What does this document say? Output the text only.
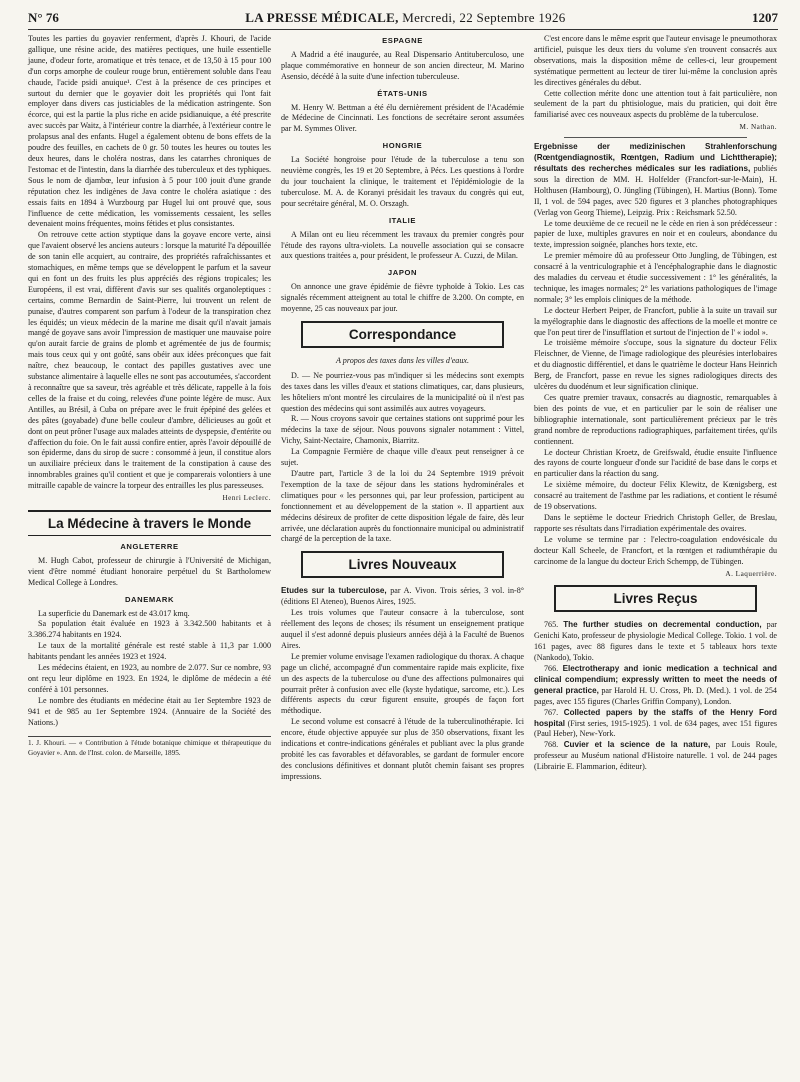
N° 76	LA PRESSE MÉDICALE, Mercredi, 22 Septembre 1926	1207

Toutes les parties du goyavier renferment, d'après J. Khouri, de l'acide gallique, une résine acide, des matières pectiques, une huile essentielle jaune, d'odeur forte, aromatique et très tenace, et de 13,50 à 15 pour 100 d'un corps amorphe de couleur rouge brun, entièrement soluble dans l'eau chaude, l'acide psidi anuique¹. C'est à la présence de ces principes et surtout du dernier que le goyavier doit les propriétés qui l'ont fait employer dans divers cas justiciables de la médication astringente. Son écorce, qui est la partie la plus riche en acide psidianuique, a été prescrite avec succès par Waitz, à l'intérieur contre la diarrhée, à l'extérieur contre le prolapsus anal des enfants. Hugel a également obtenu de bons effets de la poudre des feuilles, en cachets de 0 gr. 50 toutes les heures ou toutes les deux heures, dans le choléra nostras, dans les catarrhes chroniques de l'estomac et de l'intestin, dans la diarrhée des tuberculeux et des typhiques. Sous le nom de djambœ, leur infusion à 5 pour 100 jouit d'une grande réputation chez les indigènes de Java contre le choléra asiatique : des essais faits en 1894 à Wurzbourg par Hugel lui ont prouvé que, sous l'influence de cette médication, les vomissements cessaient, les selles devenaient moins fréquentes, moins fétides et plus consistantes.

On retrouve cette action styptique dans la goyave encore verte, ainsi que l'avaient observé les anciens auteurs : lorsque la maturité l'a dépouillée de son tanin elle acquiert, au contraire, des propriétés rafraîchissantes et stomachiques, en même temps que se développent le parfum et la saveur qui en font un des fruits les plus appréciés des régions tropicales; les Européens, il est vrai, diffèrent d'avis sur ses qualités organoleptiques : certains, comme Bernardin de Saint-Pierre, lui trouvent un relent de punaise, d'autres comparent son parfum à l'odeur de la transpiration chez les équidés; un vieux médecin de la marine me disait qu'il n'avait jamais mangé de goyave sans avoir l'impression de mastiquer une mauvaise poire qu'on aurait farcie de grains de plomb et agrémentée de jus de fourmis; mais tous ceux qui y ont goûté, sans obéir aux idées préconçues que fait naître, chez beaucoup, le contact des papilles gustatives avec une substance alimentaire à laquelle elles ne sont pas accoutumées, s'accordent à reconnaître que sa saveur, très agréable et très délicate, rappelle à la fois celles de la fraise et du coing, relevées d'une pointe légère de musc. Aux Antilles, au Brésil, à Cuba on prépare avec le fruit épépiné des gelées et des pâtes (goyabade) d'une belle couleur d'ambre, délicieuses au goût et dont on peut prôner l'usage aux malades atteints de dyspepsie, d'entérite ou d'affection du foie. On le fait aussi confire entier, après l'avoir dépouillé de son épiderme, dans du sirop de sucre : consommé à jeun, il constitue alors un auxiliaire précieux dans le traitement de la constipation à cause des innombrables graines qu'il contient et que je comparerais volontiers à une mitraille capable de vaincre la torpeur des entrailles les plus paresseuses.

Henri Leclerc.
La Médecine à travers le Monde
ANGLETERRE

M. Hugh Cabot, professeur de chirurgie à l'Université de Michigan, vient d'être nommé étudiant honoraire perpétuel du St Bartholomew Medical College à Londres.

DANEMARK

La superficie du Danemark est de 43.017 kmq.

Sa population était évaluée en 1923 à 3.342.500 habitants et à 3.386.274 habitants en 1924.

Le taux de la mortalité générale est resté stable à 11,3 par 1.000 habitants pendant les années 1923 et 1924.

Les médecins étaient, en 1923, au nombre de 2.077. Sur ce nombre, 93 ont reçu leur diplôme en 1923. En 1924, le diplôme de médecin a été conféré à 101 personnes.

Le nombre des étudiants en médecine était au 1er Septembre 1923 de 941 et de 985 au 1er Septembre 1924. (Annuaire de la Société des Nations.)

1. J. Khouri. — « Contribution à l'étude botanique chimique et thérapeutique du Goyavier ». Ann. de l'Inst. colon. de Marseille, 1895.
ESPAGNE

A Madrid a été inaugurée, au Real Dispensario Antituberculoso, une plaque commémorative en honneur de son ancien directeur, M. Marino Asensio, décédé à la suite d'une infection tuberculeuse.

ÉTATS-UNIS

M. Henry W. Bettman a été élu dernièrement président de l'Académie de Médecine de Cincinnati. Les fonctions de secrétaire seront assumées par M. Symmes Oliver.

HONGRIE

La Société hongroise pour l'étude de la tuberculose a tenu son neuvième congrès, les 19 et 20 Septembre, à Pécs. Les questions à l'ordre du jour touchaient la clinique, le traitement et l'épidémiologie de la tuberculose. M. A. de Koranyi présidait les travaux du congrès qui eut, pour secrétaire général, M. O. Orszagh.

ITALIE

A Milan ont eu lieu récemment les travaux du premier congrès pour l'étude des rayons ultra-violets. La nouvelle association qui se consacre aux questions traitées a, pour président, le professeur A. Cuzzi, de Milan.

JAPON

On annonce une grave épidémie de fièvre typhoïde à Tokio. Les cas signalés récemment atteignent au total le chiffre de 3.200. On compte, en moyenne, 25 cas nouveaux par jour.

Correspondance
A propos des taxes dans les villes d'eaux.

D. — Ne pourriez-vous pas m'indiquer si les médecins sont exempts des taxes dans les villes d'eaux et stations climatiques, car, dans plusieurs, les hôteliers m'ont montré les circulaires de la municipalité où il n'est pas question des médecins qui sont assimilés aux autres voyageurs.

R. — Nous croyons savoir que certaines stations ont supprimé pour les médecins la taxe de séjour. Nous pouvons signaler notamment : Vittel, Vichy, Saint-Nectaire, Chamonix, Biarritz.

La Compagnie Fermière de chaque ville d'eaux peut renseigner à ce sujet.

D'autre part, l'article 3 de la loi du 24 Septembre 1919 prévoit l'exemption de la taxe de séjour dans les stations hydrominérales et climatiques pour « les personnes qui, par leur profession, participent au fonctionnement et au développement de la station ». Il appartient aux médecins désireux de profiter de cette disposition légale de faire, dès leur arrivée, une déclaration auprès du fonctionnaire municipal ou administratif chargé de la perception de la taxe.

Livres Nouveaux

Etudes sur la tuberculose, par A. Vivon. Trois séries, 3 vol. in-8° (éditions El Ateneo), Buenos Aires, 1925.

Les trois volumes que l'auteur consacre à la tuberculose, sont réellement des leçons de choses; ils résument un enseignement pratique auquel il s'est adonné depuis plusieurs années déjà à la Faculté de Buenos Aires.

Le premier volume envisage l'examen radiologique du thorax. A chaque page un cliché, accompagné d'un commentaire rapide mais explicite, fixe un des aspects de la tuberculose ou d'une des affections pulmonaires qui pourrait prêter à confusion avec elle (kyste hydatique, sarcome, etc.). Les différents aspects du cœur figurent ensuite, groupés de façon fort méthodique.

Le second volume est consacré à l'étude de la tuberculinothérapie. Ici encore, étude objective appuyée sur plus de 350 observations, fixant les indications et contre-indications générales et publiant avec la plus grande probité les cas favorables et défavorables, se gardant de formuler encore des conclusions définitives et donnant plutôt chemin faisant ses propres impressions.

C'est encore dans le même esprit que l'auteur envisage le pneumothorax artificiel, puisque les deux tiers du volume s'en trouvent consacrés aux observations, mais la disposition même de celles-ci, leur groupement systématique permettent au lecteur de tirer lui-même la conclusion après les directives générales du début.

Cette collection mérite donc une attention tout à fait particulière, non seulement de la part du phtisiologue, mais du praticien, qui doit être familiarisé avec ces nouveaux aspects du problème de la tuberculose.

M. Nathan.

Ergebnisse der medizinischen Strahlenforschung (Rœntgendiagnostik, Rœntgen, Radium und Lichttherapie); résultats des recherches médicales sur les radiations, publiés sous la direction de MM. H. Holfelder (Francfort-sur-le-Main), H. Holthusen (Hambourg), O. Jüngling (Tübingen), H. Martius (Bonn). Tome II, 1 vol. de 594 pages, avec 520 figures et 3 planches photographiques (Verlag von Georg Thieme), Leipzig. Prix : Reichsmark 52.50.

Le tome deuxième de ce recueil ne le cède en rien à son prédécesseur : papier de luxe, multiples gravures en noir et en couleurs, abondance du texte, impression soignée, planches hors texte, etc.

Le premier mémoire dû au professeur Otto Jungling, de Tübingen, est consacré à la ventriculographie et à l'encéphalographie dans le diagnostic des maladies du cerveau et étudie successivement : 1° les généralités, la technique, les images normales; 2° les variations pathologiques de l'image normale; 3° les emplois cliniques de la méthode.

Le docteur Herbert Peiper, de Francfort, publie à la suite un travail sur la myélographie dans le diagnostic des affections de la moelle et montre ce que l'on peut tirer de l'insufflation et surtout de l'injection de l' « iodol ».

Le troisième mémoire s'occupe, sous la signature du docteur Félix Fleischner, de Vienne, de l'image radiologique des pleurésies interlobaires et du diagnostic différentiel, et dans le quatrième le docteur Hans Heinrich Berg, de Francfort, passe en revue les signes radiologiques directs des ulcères du duodénum et leur signification clinique.

Ces quatre premier travaux, consacrés au diagnostic, remarquables à bien des points de vue, et en particulier par le soin de réaliser une bibliographie internationale, sont particulièrement précieux par le très grand nombre de reproductions radiographiques, parfaitement tirées, qu'ils contiennent.

Le docteur Christian Kroetz, de Greifswald, étudie ensuite l'influence des rayons de courte longueur d'onde sur l'acidité de base dans le corps et en particulier dans la réaction du sang.

Le sixième mémoire, du docteur Félix Klewitz, de Kœnigsberg, est consacré au traitement de l'asthme par les radiations, et contient le résumé de 19 observations.

Dans le septième le docteur Friedrich Christoph Geller, de Breslau, rapporte ses résultats dans l'irradiation expérimentale des ovaires.

Le volume se termine par : l'electro-coagulation endovésicale du docteur Kall Scheele, de Francfort, et la rœntgen et radiumthérapie du carcinome de la langue du docteur Erich Schempp, de Tübingen.

A. Laquerrière.
Livres Reçus

765. The further studies on decremental conduction, par Genichi Kato, professeur de physiologie Medical College. Tokio. 1 vol. de 161 pages, avec 88 figures dans le texte et 5 tableaux hors texte (Nankodo), Tokio.

766. Electrotherapy and ionic medication a technical and clinical compendium; expressly written to meet the needs of general practice, par Harold H. U. Cross, Ph. D. (Med.). 1 vol. de 254 pages, avec 155 figures (Charles Griffin Company), London.

767. Collected papers by the staffs of the Henry Ford hospital (First series, 1915-1925). 1 vol. de 634 pages, avec 151 figures (Paul Heber), New-York.

768. Cuvier et la science de la nature, par Louis Roule, professeur au Muséum national d'Histoire naturelle. 1 vol. de 244 pages (Librairie E. Flammarion, éditeur).
